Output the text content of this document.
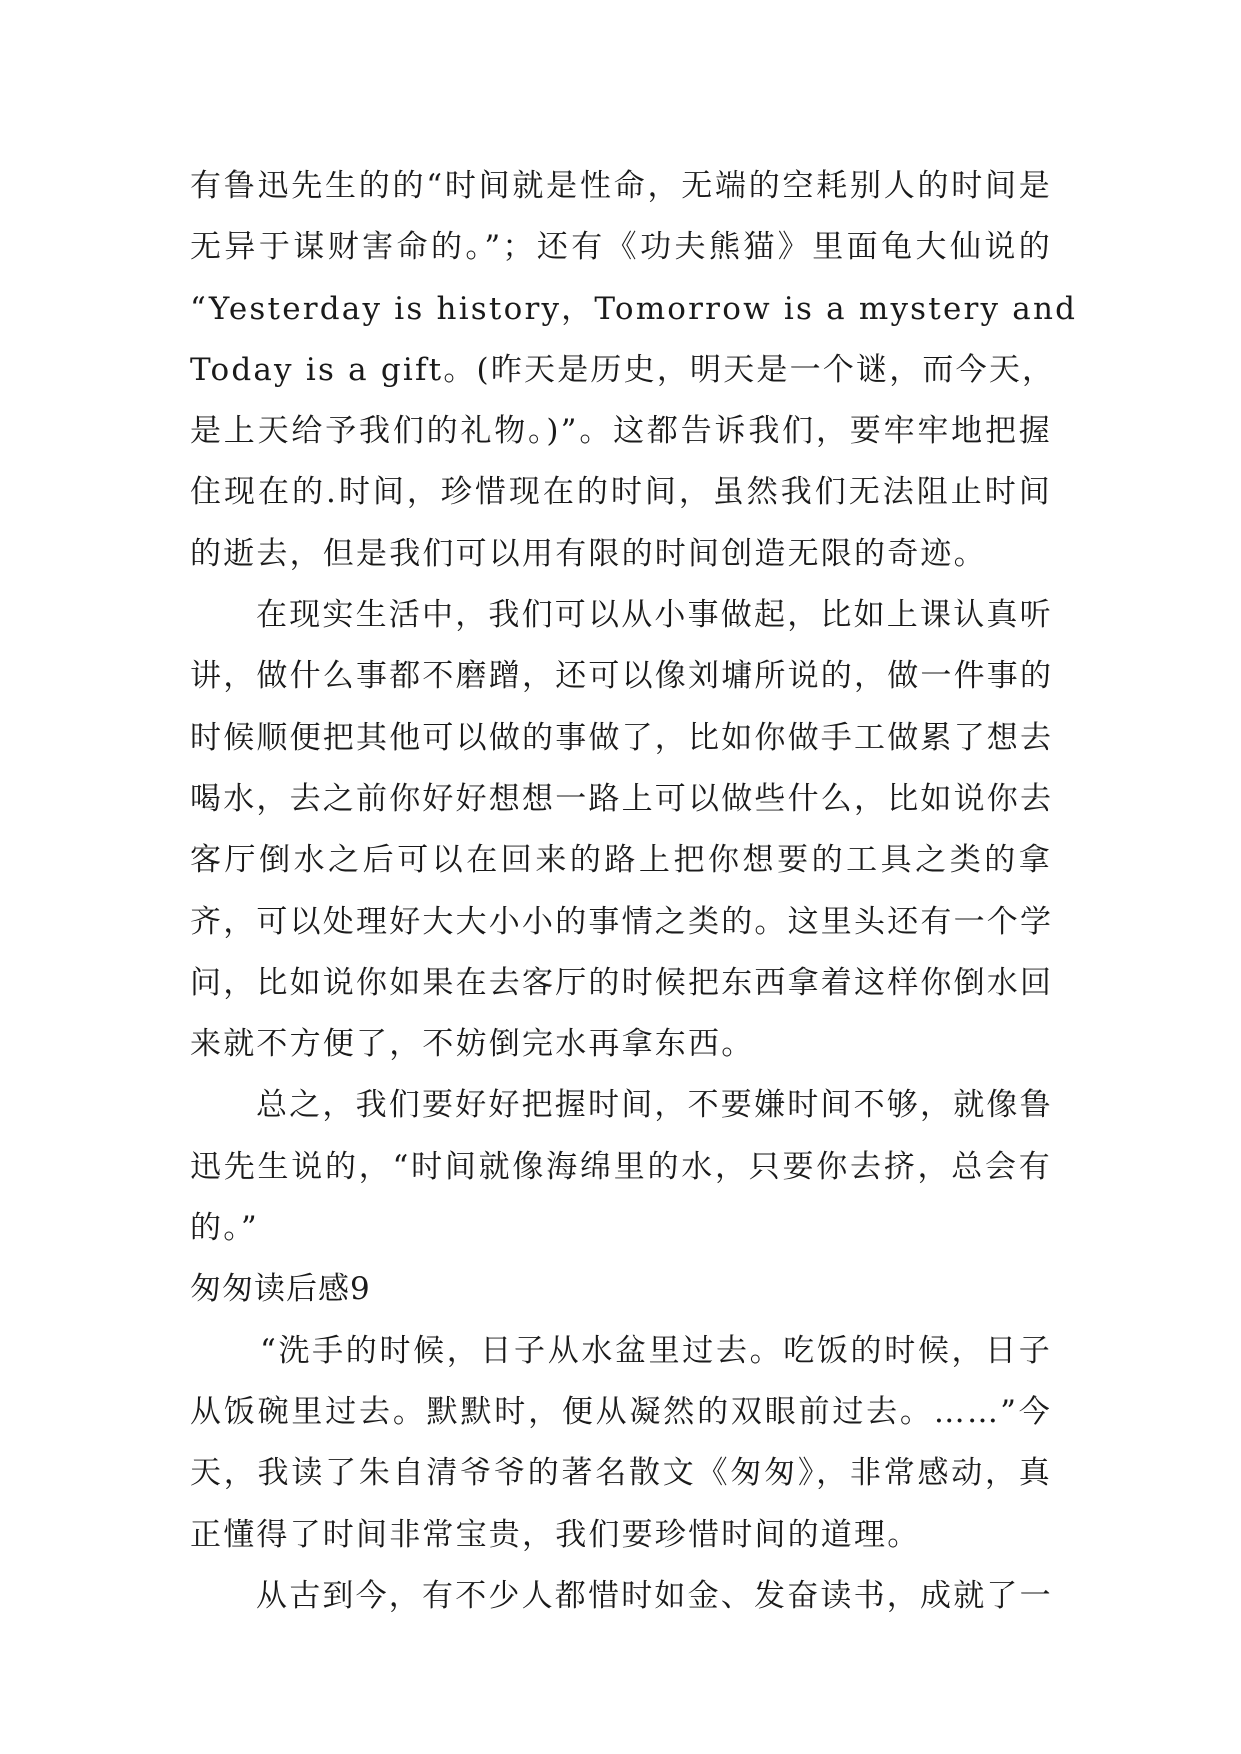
有鲁迅先生的的“时间就是性命，无端的空耗别人的时间是
无异于谋财害命的。”；还有《功夫熊猫》里面龟大仙说的
“Yesterday is history，Tomorrow is a mystery and
Today is a gift。(昨天是历史，明天是一个谜，而今天，
是上天给予我们的礼物。)”。这都告诉我们，要牢牢地把握
住现在的.时间，珍惜现在的时间，虽然我们无法阻止时间
的逝去，但是我们可以用有限的时间创造无限的奇迹。
在现实生活中，我们可以从小事做起，比如上课认真听
讲，做什么事都不磨蹭，还可以像刘墉所说的，做一件事的
时候顺便把其他可以做的事做了，比如你做手工做累了想去
喝水，去之前你好好想想一路上可以做些什么，比如说你去
客厅倒水之后可以在回来的路上把你想要的工具之类的拿
齐，可以处理好大大小小的事情之类的。这里头还有一个学
问，比如说你如果在去客厅的时候把东西拿着这样你倒水回
来就不方便了，不妨倒完水再拿东西。
总之，我们要好好把握时间，不要嫌时间不够，就像鲁
迅先生说的，“时间就像海绵里的水，只要你去挤，总会有
的。”
匆匆读后感9
“洗手的时候，日子从水盆里过去。吃饭的时候，日子
从饭碗里过去。默默时，便从凝然的双眼前过去。……”今
天，我读了朱自清爷爷的著名散文《匆匆》，非常感动，真
正懂得了时间非常宝贵，我们要珍惜时间的道理。
从古到今，有不少人都惜时如金、发奋读书，成就了一
